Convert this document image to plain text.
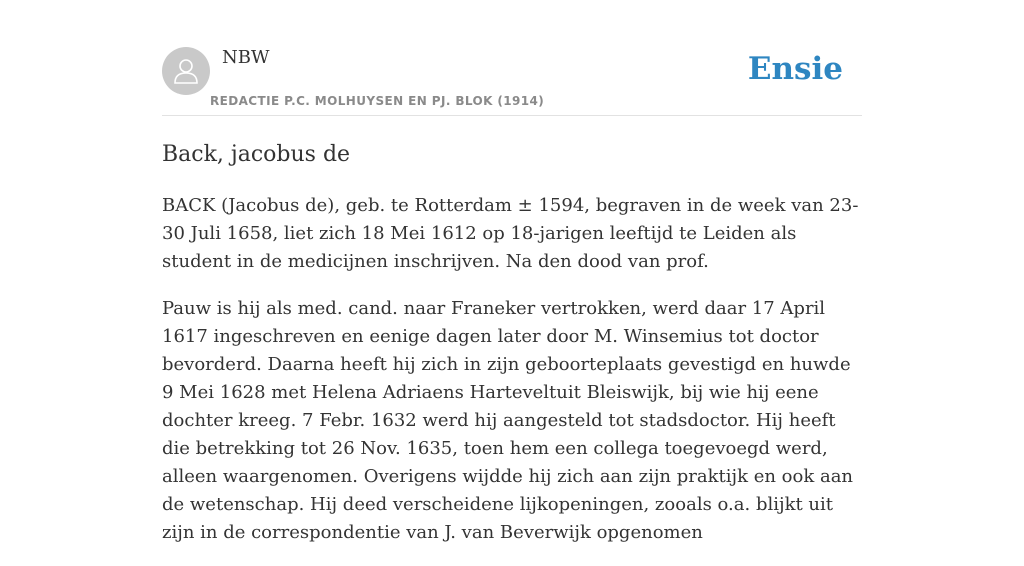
NBW
REDACTIE P.C. MOLHUYSEN EN PJ. BLOK (1914)
Ensie
Back, jacobus de

BACK (Jacobus de), geb. te Rotterdam ± 1594, begraven in de week van 23-30 Juli 1658, liet zich 18 Mei 1612 op 18-jarigen leeftijd te Leiden als student in de medicijnen inschrijven. Na den dood van prof.

Pauw is hij als med. cand. naar Franeker vertrokken, werd daar 17 April 1617 ingeschreven en eenige dagen later door M. Winsemius tot doctor bevorderd. Daarna heeft hij zich in zijn geboorteplaats gevestigd en huwde 9 Mei 1628 met Helena Adriaens Harteveltuit Bleiswijk, bij wie hij eene dochter kreeg. 7 Febr. 1632 werd hij aangesteld tot stadsdoctor. Hij heeft die betrekking tot 26 Nov. 1635, toen hem een collega toegevoegd werd, alleen waargenomen. Overigens wijdde hij zich aan zijn praktijk en ook aan de wetenschap. Hij deed verscheidene lijkopeningen, zooals o.a. blijkt uit zijn in de correspondentie van J. van Beverwijk opgenomen
